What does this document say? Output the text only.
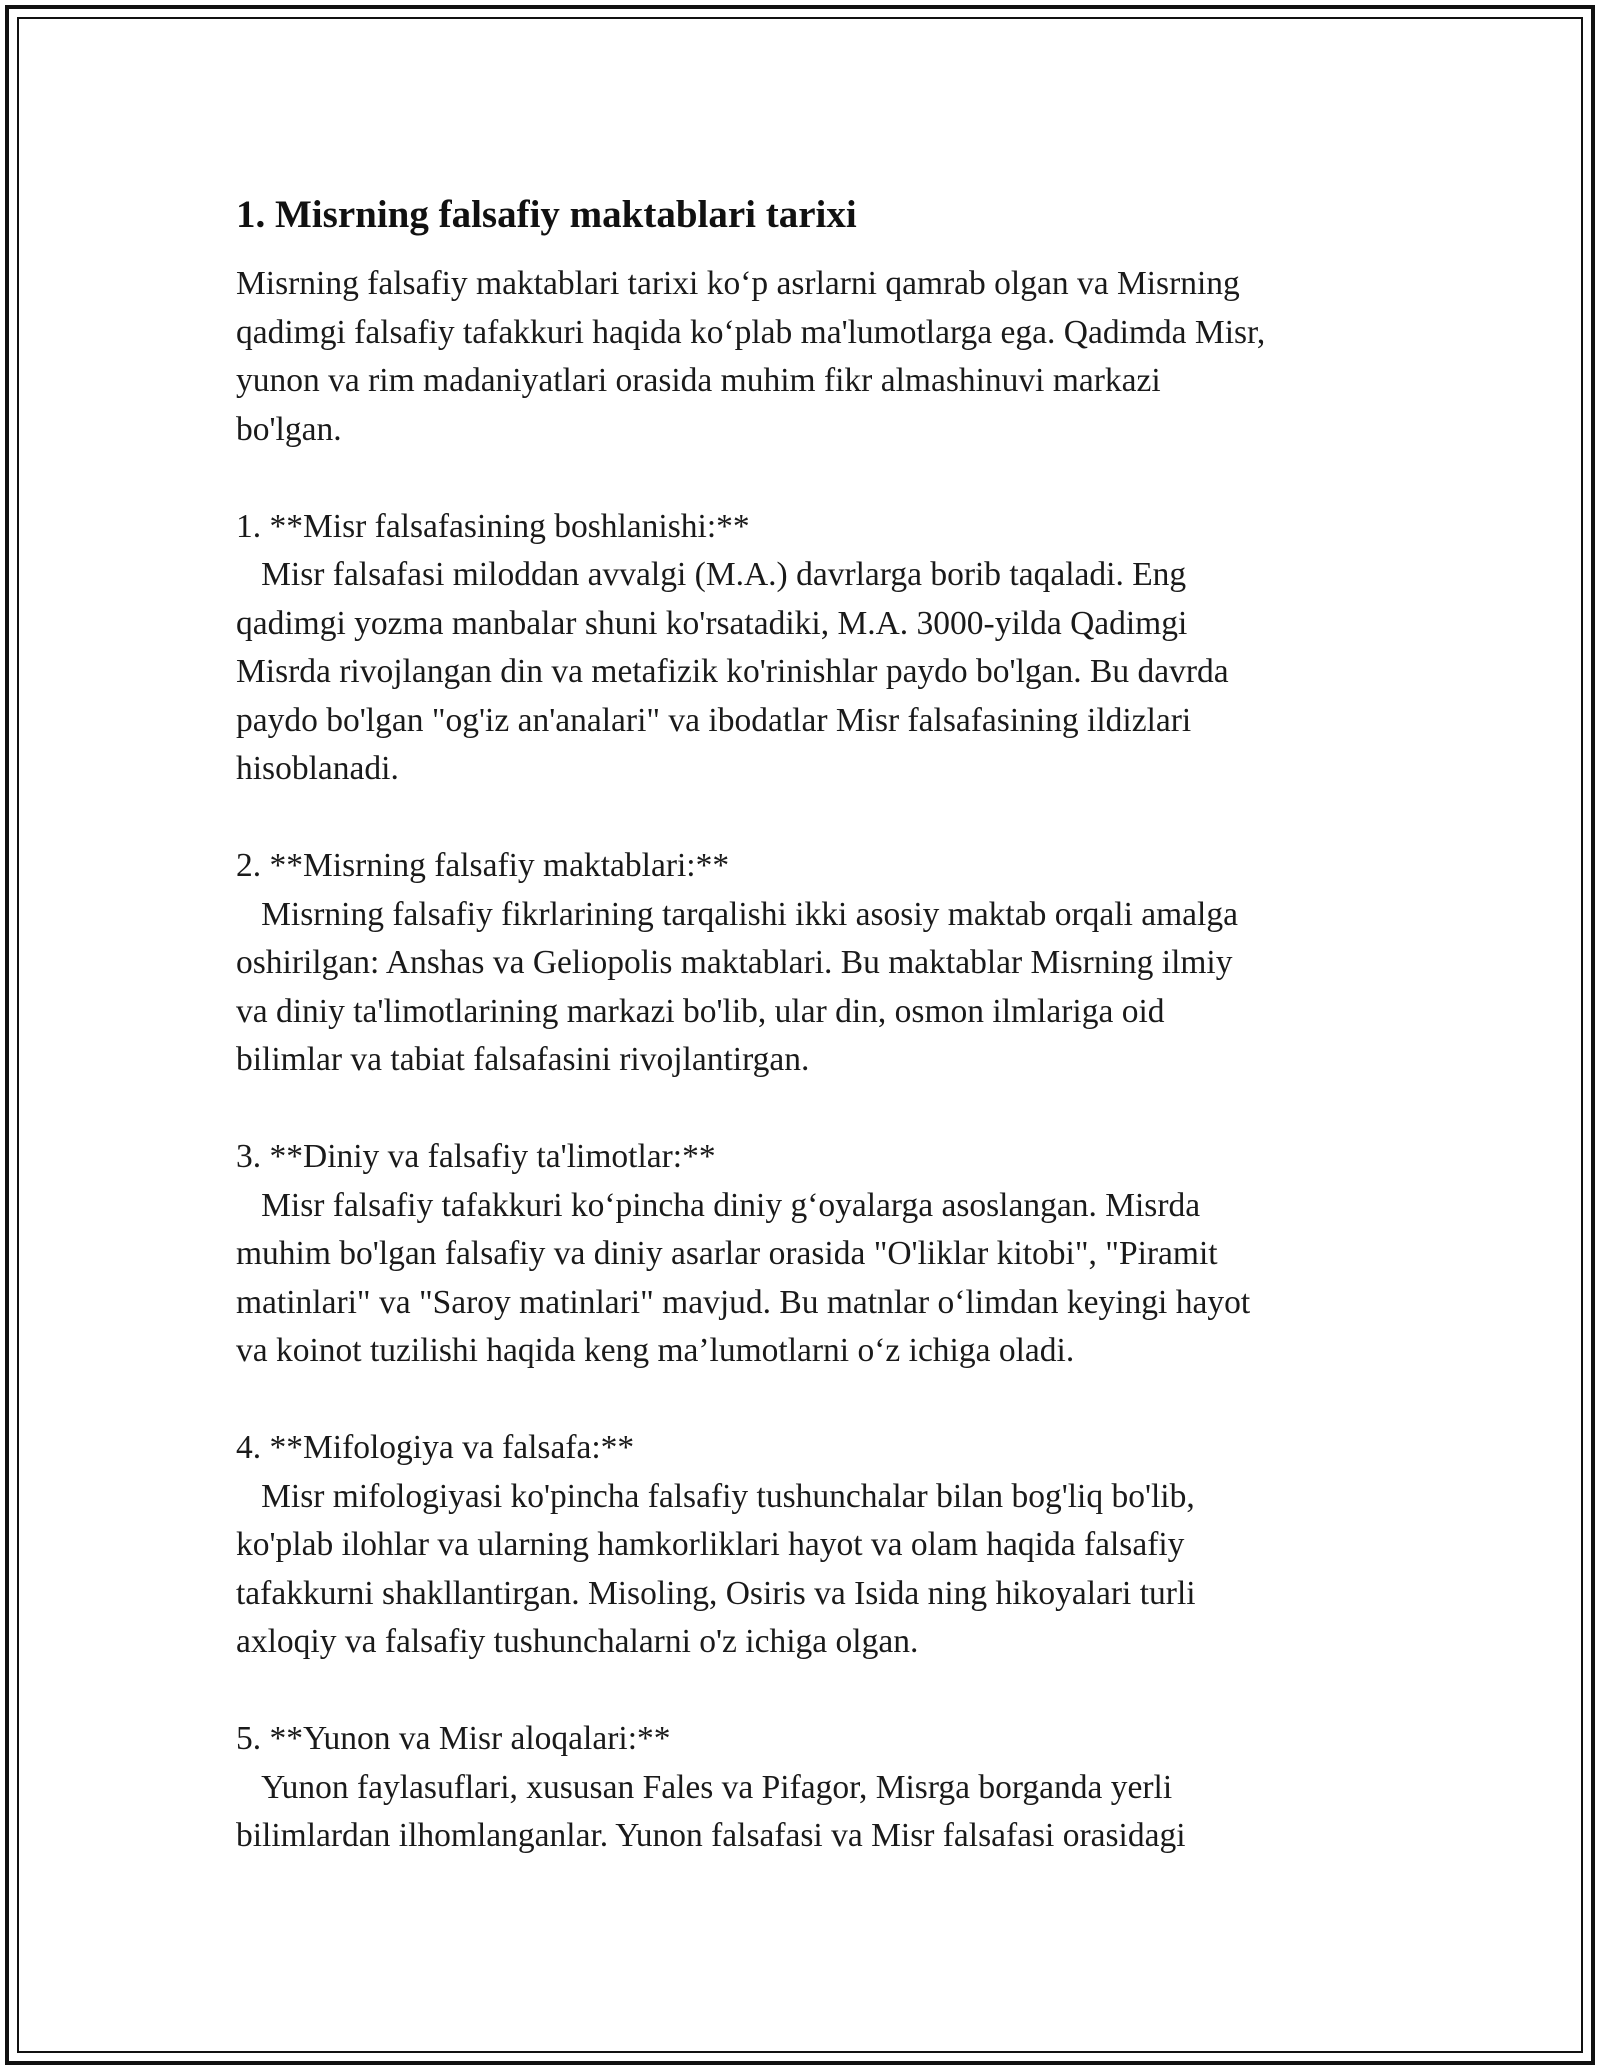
1. Misrning falsafiy maktablari tarixi
Misrning falsafiy maktablari tarixi ko‘p asrlarni qamrab olgan va Misrning
qadimgi falsafiy tafakkuri haqida ko‘plab ma'lumotlarga ega. Qadimda Misr,
yunon va rim madaniyatlari orasida muhim fikr almashinuvi markazi
bo'lgan.

1. **Misr falsafasining boshlanishi:**
Misr falsafasi miloddan avvalgi (M.A.) davrlarga borib taqaladi. Eng
qadimgi yozma manbalar shuni ko'rsatadiki, M.A. 3000-yilda Qadimgi
Misrda rivojlangan din va metafizik ko'rinishlar paydo bo'lgan. Bu davrda
paydo bo'lgan "og'iz an'analari" va ibodatlar Misr falsafasining ildizlari
hisoblanadi.

2. **Misrning falsafiy maktablari:**
Misrning falsafiy fikrlarining tarqalishi ikki asosiy maktab orqali amalga
oshirilgan: Anshas va Geliopolis maktablari. Bu maktablar Misrning ilmiy
va diniy ta'limotlarining markazi bo'lib, ular din, osmon ilmlariga oid
bilimlar va tabiat falsafasini rivojlantirgan.

3. **Diniy va falsafiy ta'limotlar:**
Misr falsafiy tafakkuri ko‘pincha diniy g‘oyalarga asoslangan. Misrda
muhim bo'lgan falsafiy va diniy asarlar orasida "O'liklar kitobi", "Piramit
matinlari" va "Saroy matinlari" mavjud. Bu matnlar o‘limdan keyingi hayot
va koinot tuzilishi haqida keng ma’lumotlarni o‘z ichiga oladi.

4. **Mifologiya va falsafa:**
Misr mifologiyasi ko'pincha falsafiy tushunchalar bilan bog'liq bo'lib,
ko'plab ilohlar va ularning hamkorliklari hayot va olam haqida falsafiy
tafakkurni shakllantirgan. Misoling, Osiris va Isida ning hikoyalari turli
axloqiy va falsafiy tushunchalarni o'z ichiga olgan.

5. **Yunon va Misr aloqalari:**
Yunon faylasuflari, xususan Fales va Pifagor, Misrga borganda yerli
bilimlardan ilhomlanganlar. Yunon falsafasi va Misr falsafasi orasidagi
